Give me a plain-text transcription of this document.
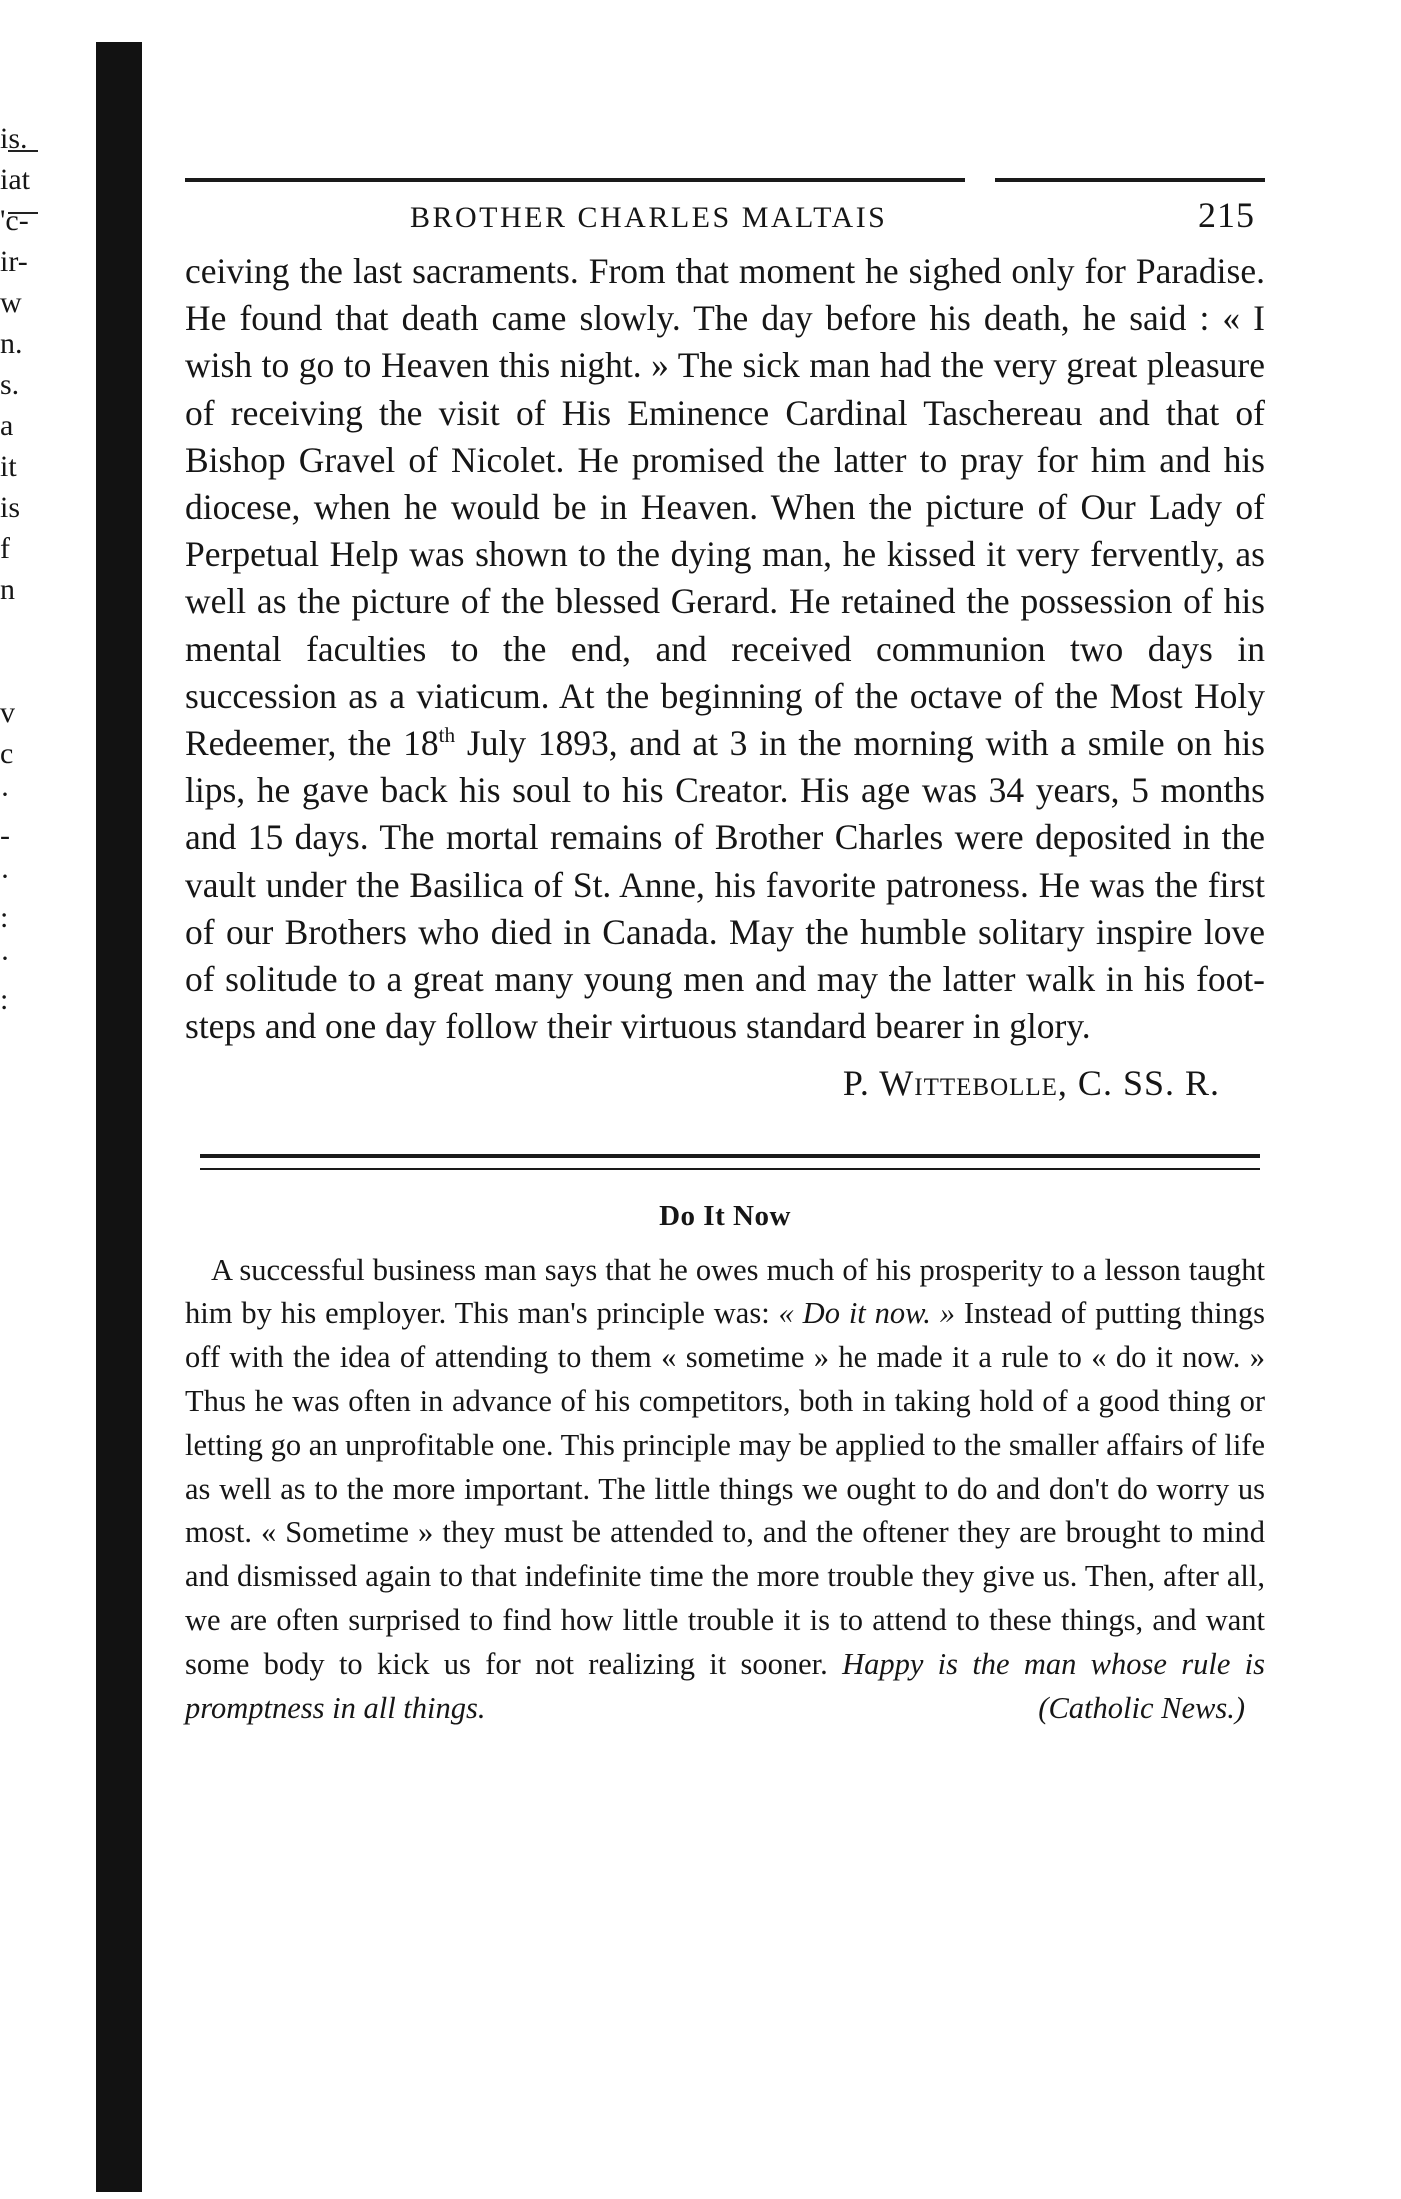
is.
iat
'c-
ir-
w
n.
s.
a
it
is
f
n
v
c
·
-
·
:
·
:
BROTHER CHARLES MALTAIS	215

ceiving the last sacraments. From that moment he sighed only for Paradise. He found that death came slowly. The day before his death, he said : « I wish to go to Heaven this night. » The sick man had the very great pleasure of receiving the visit of His Eminence Cardinal Taschereau and that of Bishop Gravel of Nicolet. He promised the latter to pray for him and his diocese, when he would be in Heaven. When the picture of Our Lady of Perpetual Help was shown to the dying man, he kissed it very fervently, as well as the picture of the blessed Gerard. He retained the possession of his mental faculties to the end, and received communion two days in succession as a viaticum. At the beginning of the octave of the Most Holy Redeemer, the 18th July 1893, and at 3 in the morning with a smile on his lips, he gave back his soul to his Creator. His age was 34 years, 5 months and 15 days. The mortal remains of Brother Charles were deposited in the vault under the Basilica of St. Anne, his favorite patroness. He was the first of our Brothers who died in Canada. May the humble solitary inspire love of solitude to a great many young men and may the latter walk in his foot-steps and one day follow their virtuous standard bearer in glory.

P. Wittebolle, C. SS. R.
Do It Now

A successful business man says that he owes much of his prosperity to a lesson taught him by his employer. This man's principle was: « Do it now. » Instead of putting things off with the idea of attending to them « sometime » he made it a rule to « do it now. » Thus he was often in advance of his competitors, both in taking hold of a good thing or letting go an unprofitable one. This principle may be applied to the smaller affairs of life as well as to the more important. The little things we ought to do and don't do worry us most. « Sometime » they must be attended to, and the oftener they are brought to mind and dismissed again to that indefinite time the more trouble they give us. Then, after all, we are often surprised to find how little trouble it is to attend to these things, and want some body to kick us for not realizing it sooner. Happy is the man whose rule is promptness in all things.	(Catholic News.)
